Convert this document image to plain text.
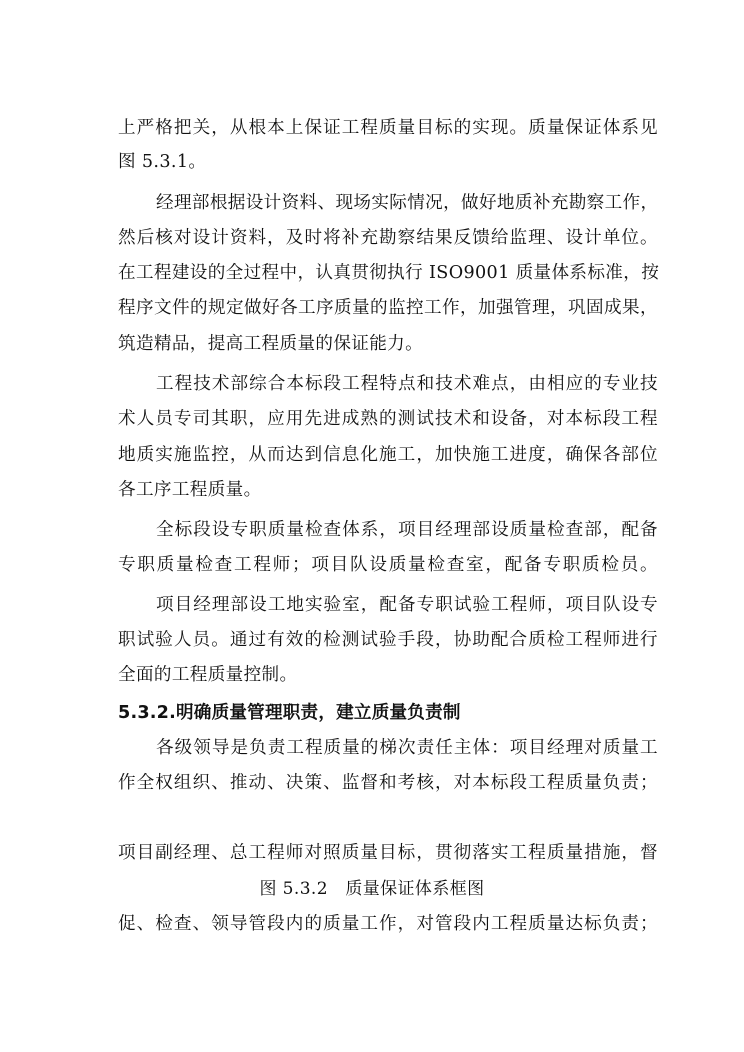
上严格把关，从根本上保证工程质量目标的实现。质量保证体系见
图 5.3.1。
经理部根据设计资料、现场实际情况，做好地质补充勘察工作，
然后核对设计资料，及时将补充勘察结果反馈给监理、设计单位。
在工程建设的全过程中，认真贯彻执行 ISO9001 质量体系标准，按
程序文件的规定做好各工序质量的监控工作，加强管理，巩固成果，
筑造精品，提高工程质量的保证能力。
工程技术部综合本标段工程特点和技术难点，由相应的专业技
术人员专司其职，应用先进成熟的测试技术和设备，对本标段工程
地质实施监控，从而达到信息化施工，加快施工进度，确保各部位
各工序工程质量。
全标段设专职质量检查体系，项目经理部设质量检查部，配备
专职质量检查工程师；项目队设质量检查室，配备专职质检员。
项目经理部设工地实验室，配备专职试验工程师，项目队设专
职试验人员。通过有效的检测试验手段，协助配合质检工程师进行
全面的工程质量控制。
5.3.2.明确质量管理职责，建立质量负责制
各级领导是负责工程质量的梯次责任主体：项目经理对质量工
作全权组织、推动、决策、监督和考核，对本标段工程质量负责；
项目副经理、总工程师对照质量目标，贯彻落实工程质量措施，督
图 5.3.2　质量保证体系框图
促、检查、领导管段内的质量工作，对管段内工程质量达标负责；
